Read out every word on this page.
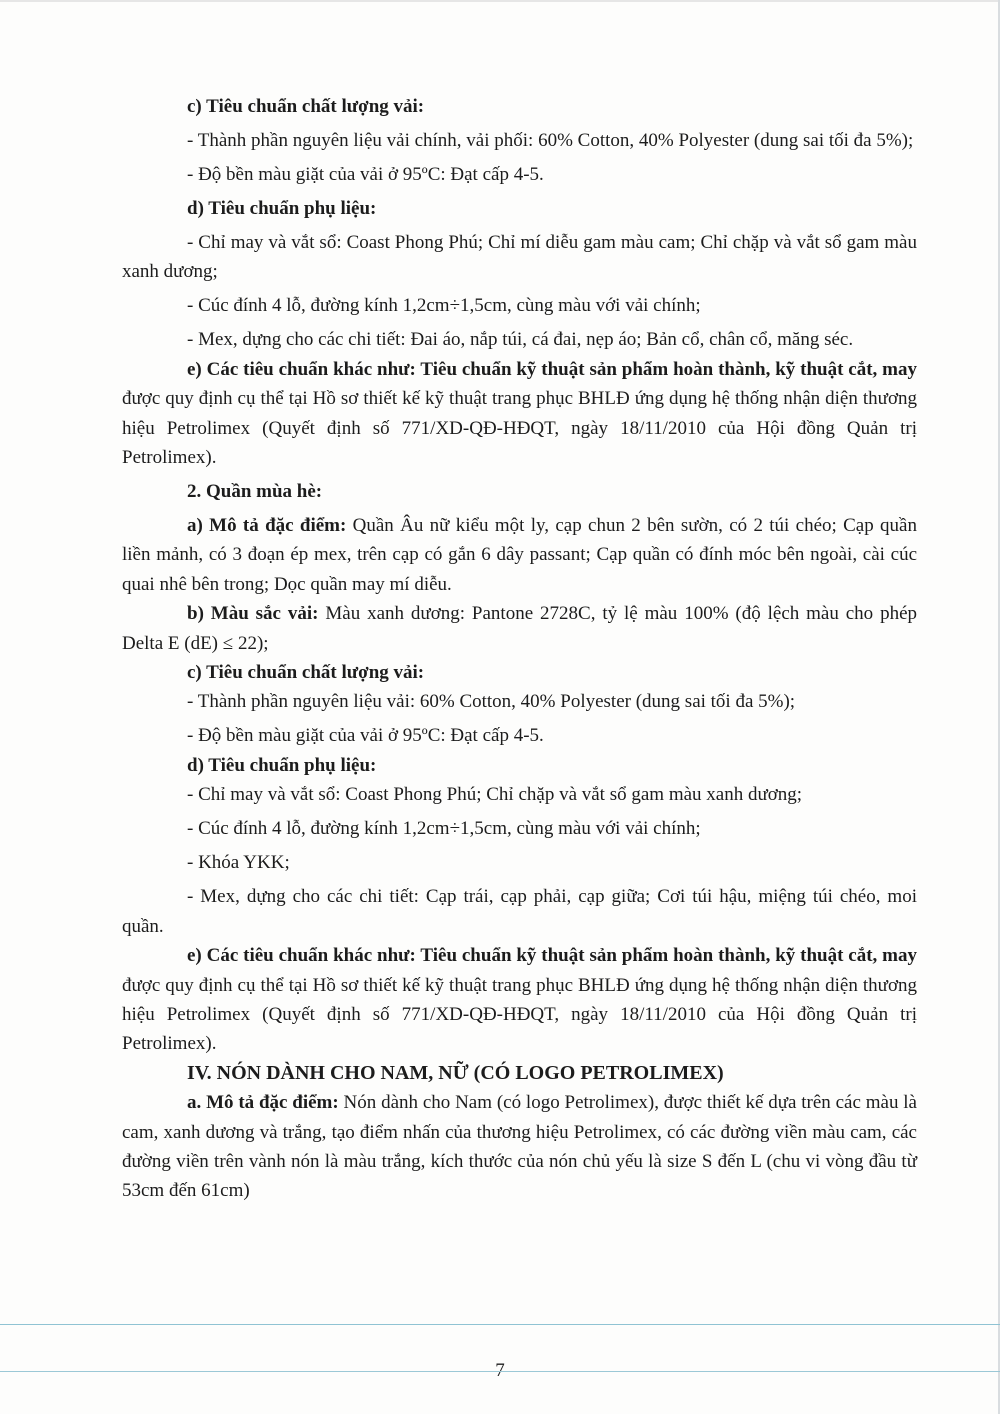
c) Tiêu chuẩn chất lượng vải:

- Thành phần nguyên liệu vải chính, vải phối: 60% Cotton, 40% Polyester (dung sai tối đa 5%);

- Độ bền màu giặt của vải ở 95ºC: Đạt cấp 4-5.

d) Tiêu chuẩn phụ liệu:

- Chỉ may và vắt sổ: Coast Phong Phú; Chỉ mí diễu gam màu cam; Chỉ chặp và vắt sổ gam màu xanh dương;

- Cúc đính 4 lỗ, đường kính 1,2cm÷1,5cm, cùng màu với vải chính;

- Mex, dựng cho các chi tiết: Đai áo, nắp túi, cá đai, nẹp áo; Bản cổ, chân cổ, măng séc.

e) Các tiêu chuẩn khác như: Tiêu chuẩn kỹ thuật sản phẩm hoàn thành, kỹ thuật cắt, may được quy định cụ thể tại Hồ sơ thiết kế kỹ thuật trang phục BHLĐ ứng dụng hệ thống nhận diện thương hiệu Petrolimex (Quyết định số 771/XD-QĐ-HĐQT, ngày 18/11/2010 của Hội đồng Quản trị Petrolimex).

2. Quần mùa hè:

a) Mô tả đặc điểm: Quần Âu nữ kiểu một ly, cạp chun 2 bên sườn, có 2 túi chéo; Cạp quần liền mảnh, có 3 đoạn ép mex, trên cạp có gắn 6 dây passant; Cạp quần có đính móc bên ngoài, cài cúc quai nhê bên trong; Dọc quần may mí diễu.

b) Màu sắc vải: Màu xanh dương: Pantone 2728C, tỷ lệ màu 100% (độ lệch màu cho phép Delta E (dE) ≤ 22);

c) Tiêu chuẩn chất lượng vải:

- Thành phần nguyên liệu vải: 60% Cotton, 40% Polyester (dung sai tối đa 5%);

- Độ bền màu giặt của vải ở 95ºC: Đạt cấp 4-5.

d) Tiêu chuẩn phụ liệu:

- Chỉ may và vắt sổ: Coast Phong Phú; Chỉ chặp và vắt sổ gam màu xanh dương;

- Cúc đính 4 lỗ, đường kính 1,2cm÷1,5cm, cùng màu với vải chính;

- Khóa YKK;

- Mex, dựng cho các chi tiết: Cạp trái, cạp phải, cạp giữa; Cơi túi hậu, miệng túi chéo, moi quần.

e) Các tiêu chuẩn khác như: Tiêu chuẩn kỹ thuật sản phẩm hoàn thành, kỹ thuật cắt, may được quy định cụ thể tại Hồ sơ thiết kế kỹ thuật trang phục BHLĐ ứng dụng hệ thống nhận diện thương hiệu Petrolimex (Quyết định số 771/XD-QĐ-HĐQT, ngày 18/11/2010 của Hội đồng Quản trị Petrolimex).

IV. NÓN DÀNH CHO NAM, NỮ (CÓ LOGO PETROLIMEX)

a. Mô tả đặc điểm: Nón dành cho Nam (có logo Petrolimex), được thiết kế dựa trên các màu là cam, xanh dương và trắng, tạo điểm nhấn của thương hiệu Petrolimex, có các đường viền màu cam, các đường viền trên vành nón là màu trắng, kích thước của nón chủ yếu là size S đến L (chu vi vòng đầu từ 53cm đến 61cm)
